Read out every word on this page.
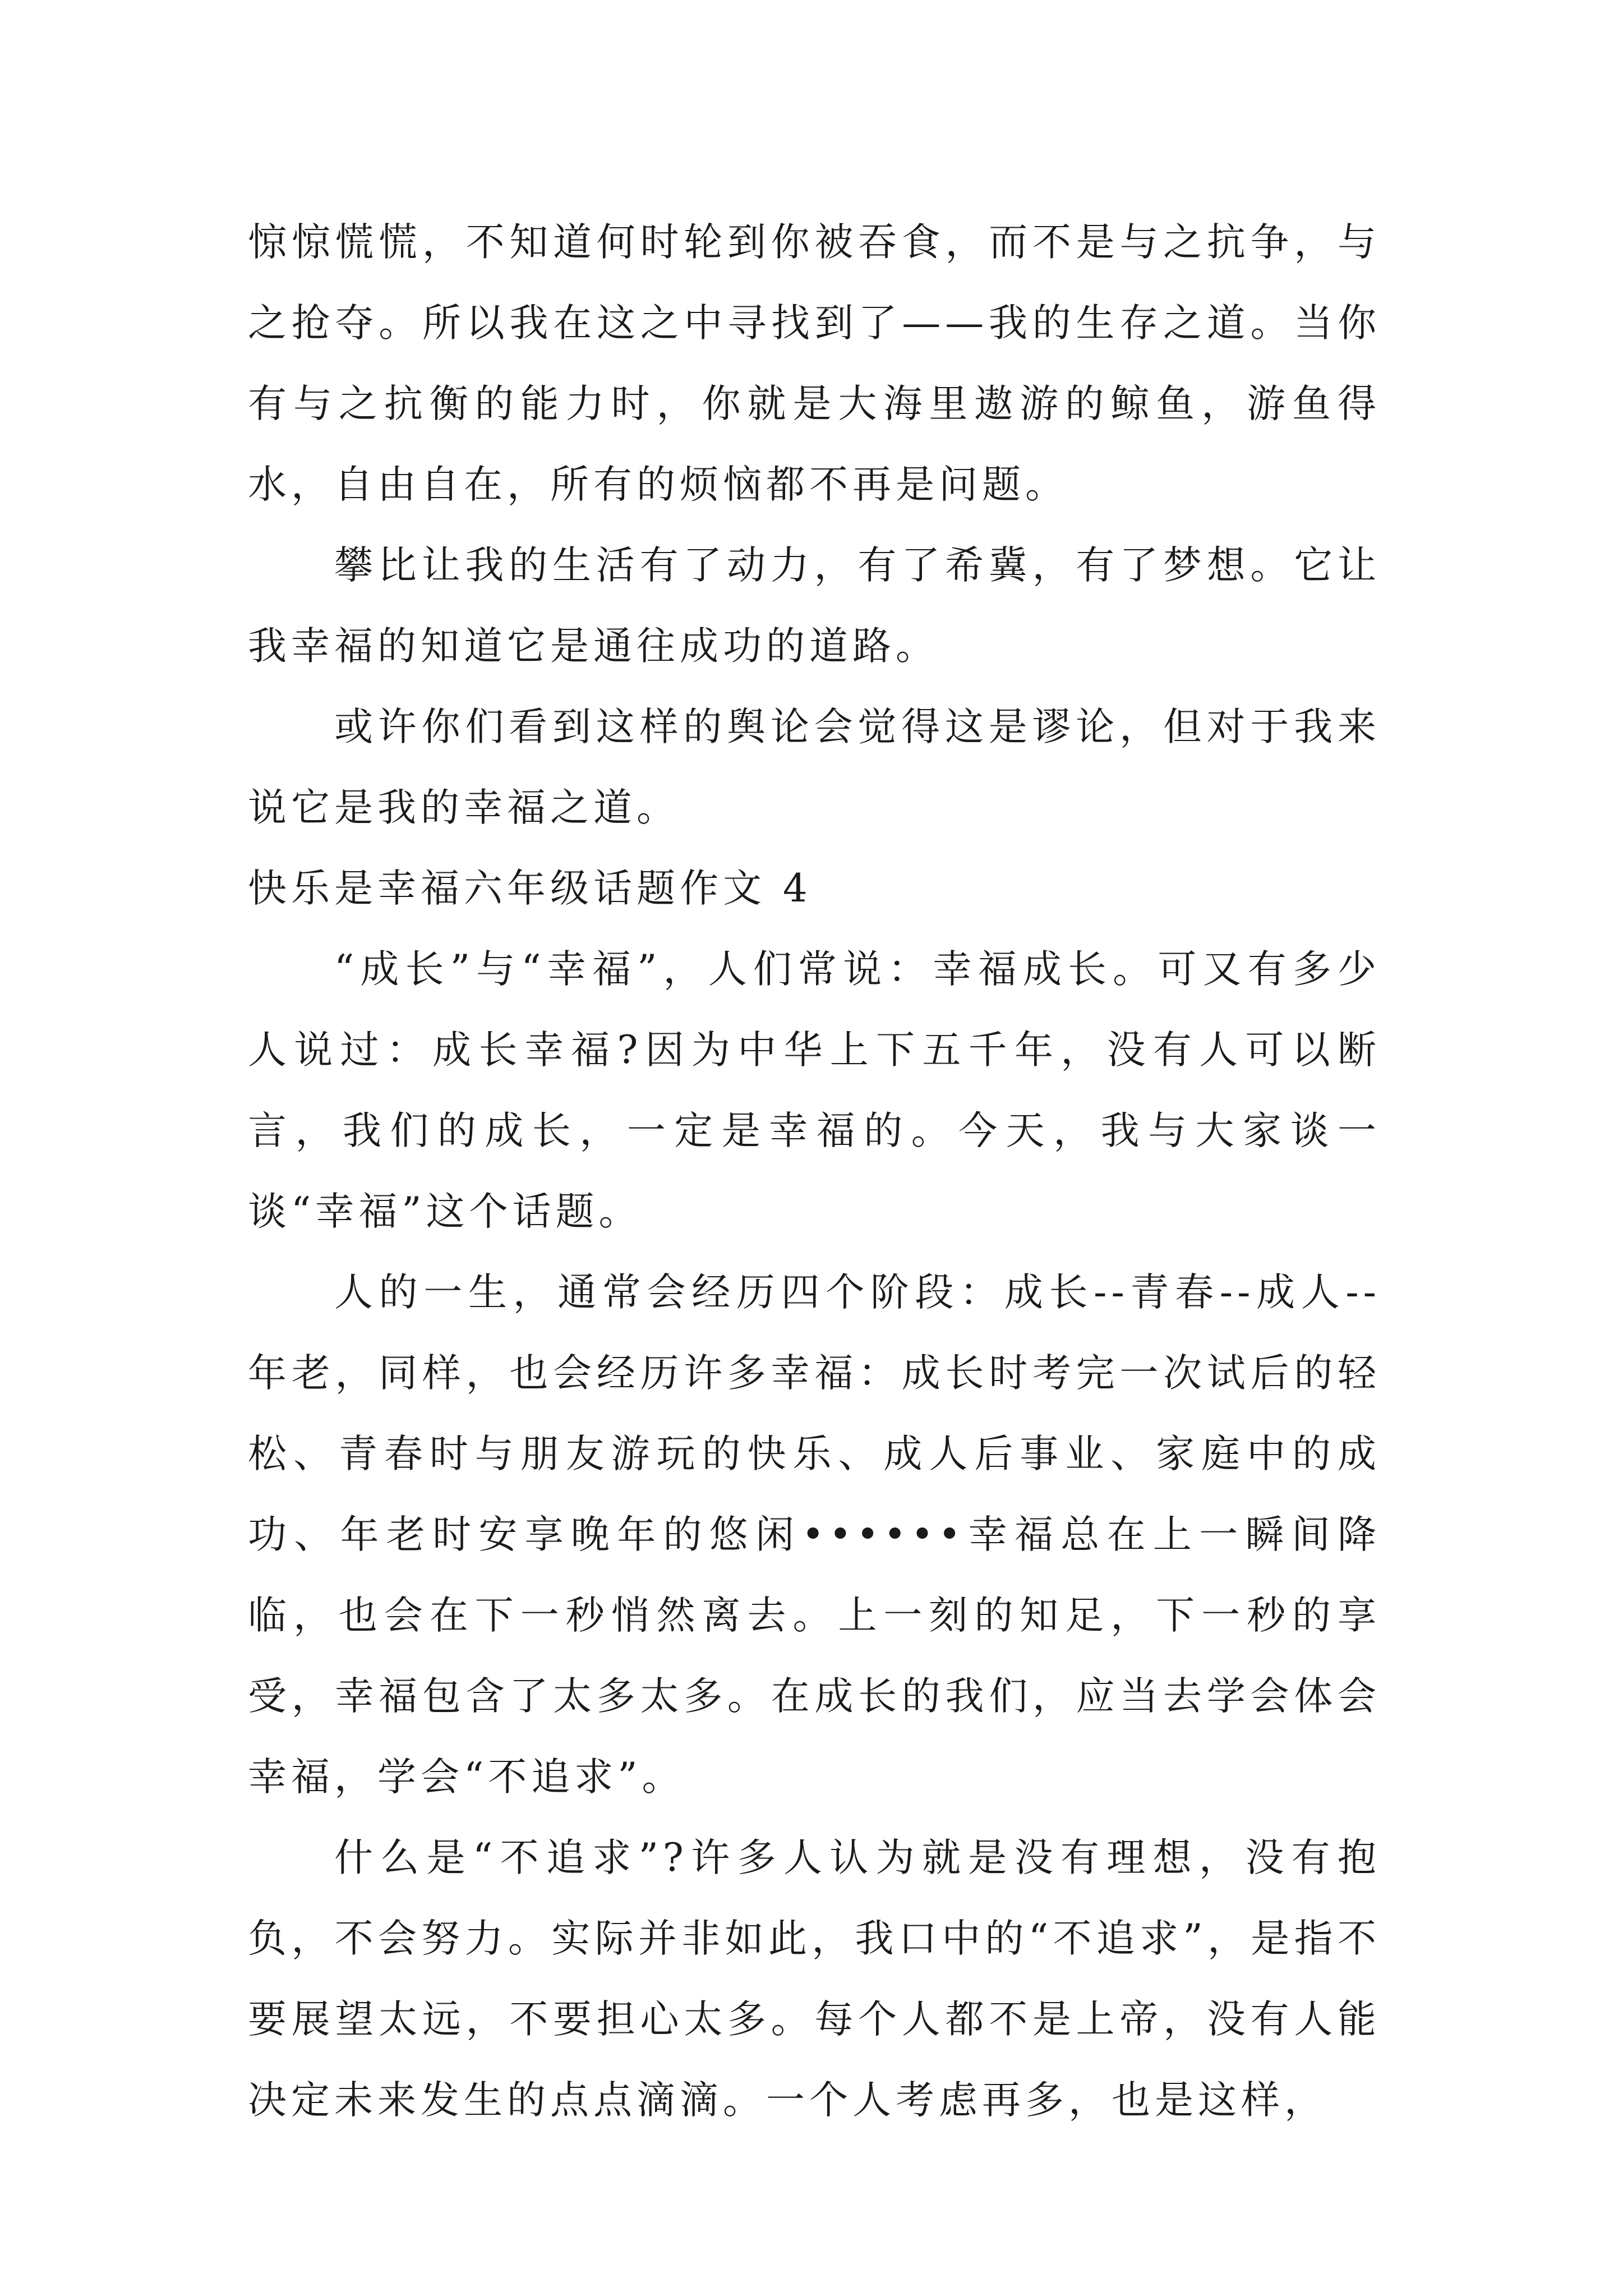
惊惊慌慌，不知道何时轮到你被吞食，而不是与之抗争，与之抢夺。所以我在这之中寻找到了——我的生存之道。当你有与之抗衡的能力时，你就是大海里遨游的鲸鱼，游鱼得水，自由自在，所有的烦恼都不再是问题。

攀比让我的生活有了动力，有了希冀，有了梦想。它让我幸福的知道它是通往成功的道路。

或许你们看到这样的舆论会觉得这是谬论，但对于我来说它是我的幸福之道。

快乐是幸福六年级话题作文 4

“成长”与“幸福”，人们常说：幸福成长。可又有多少人说过：成长幸福?因为中华上下五千年，没有人可以断言，我们的成长，一定是幸福的。今天，我与大家谈一谈“幸福”这个话题。

人的一生，通常会经历四个阶段：成长--青春--成人--年老，同样，也会经历许多幸福：成长时考完一次试后的轻松、青春时与朋友游玩的快乐、成人后事业、家庭中的成功、年老时安享晚年的悠闲••••••幸福总在上一瞬间降临，也会在下一秒悄然离去。上一刻的知足，下一秒的享受，幸福包含了太多太多。在成长的我们，应当去学会体会幸福，学会“不追求”。

什么是“不追求”?许多人认为就是没有理想，没有抱负，不会努力。实际并非如此，我口中的“不追求”，是指不要展望太远，不要担心太多。每个人都不是上帝，没有人能决定未来发生的点点滴滴。一个人考虑再多，也是这样，
